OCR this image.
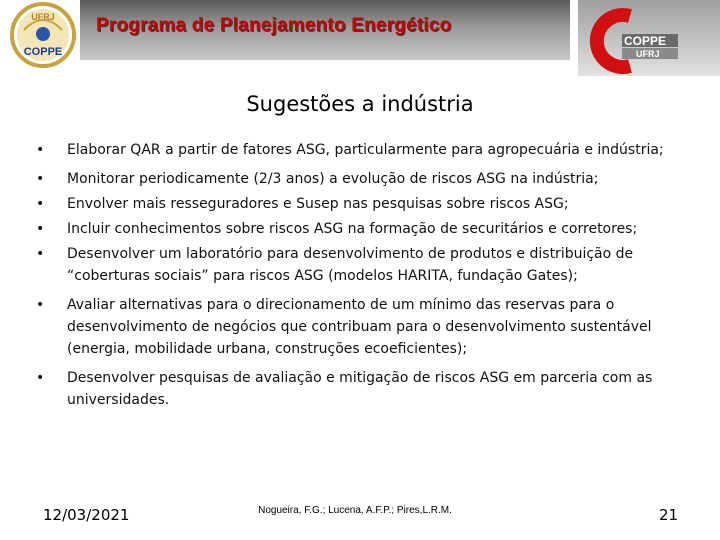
UFRJ
COPPE
Programa de Planejamento Energético
COPPE
UFRJ
Sugestões a indústria
• Elaborar QAR a partir de fatores ASG, particularmente para agropecuária e indústria;
• Monitorar periodicamente (2/3 anos) a evolução de riscos ASG na indústria;
• Envolver mais resseguradores e Susep nas pesquisas sobre riscos ASG;
• Incluir conhecimentos sobre riscos ASG na formação de securitários e corretores;
• Desenvolver um laboratório para desenvolvimento de produtos e distribuição de “coberturas sociais” para riscos ASG (modelos HARITA, fundação Gates);
• Avaliar alternativas para o direcionamento de um mínimo das reservas para o desenvolvimento de negócios que contribuam para o desenvolvimento sustentável (energia, mobilidade urbana, construções ecoeficientes);
• Desenvolver pesquisas de avaliação e mitigação de riscos ASG em parceria com as universidades.
12/03/2021	Nogueira, F.G.; Lucena, A.F.P.; Pires,L.R.M.	21
